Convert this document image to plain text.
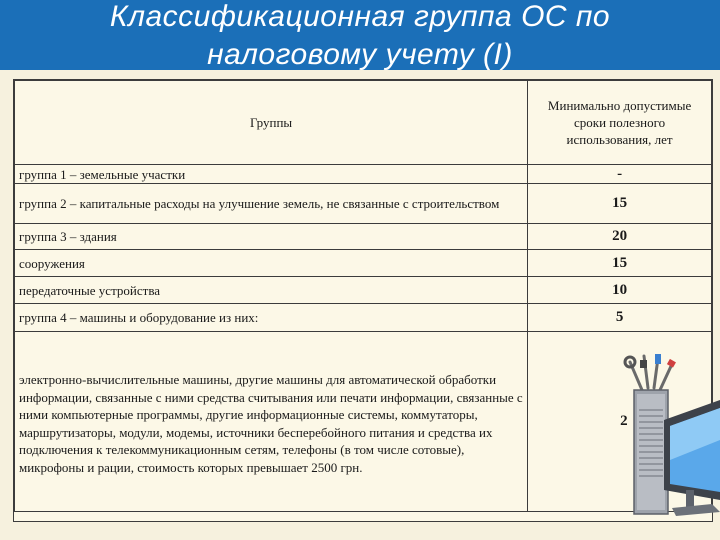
Классификационная группа ОС по
налоговому учету (I)
Группы	Минимально допустимые сроки полезного использования, лет
группа 1 – земельные участки	-
группа 2 – капитальные расходы на улучшение земель, не связанные с строительством	15
группа 3 – здания	20
сооружения	15
передаточные устройства	10
группа 4 – машины и оборудование из них:	5
электронно-вычислительные машины, другие машины для автоматической обработки информации, связанные с ними средства считывания или печати информации, связанные с ними компьютерные программы, другие информационные системы, коммутаторы, маршрутизаторы, модули, модемы, источники бесперебойного питания и средства их подключения к телекоммуникационным сетям, телефоны (в том числе сотовые), микрофоны и рации, стоимость которых превышает 2500 грн.	2
